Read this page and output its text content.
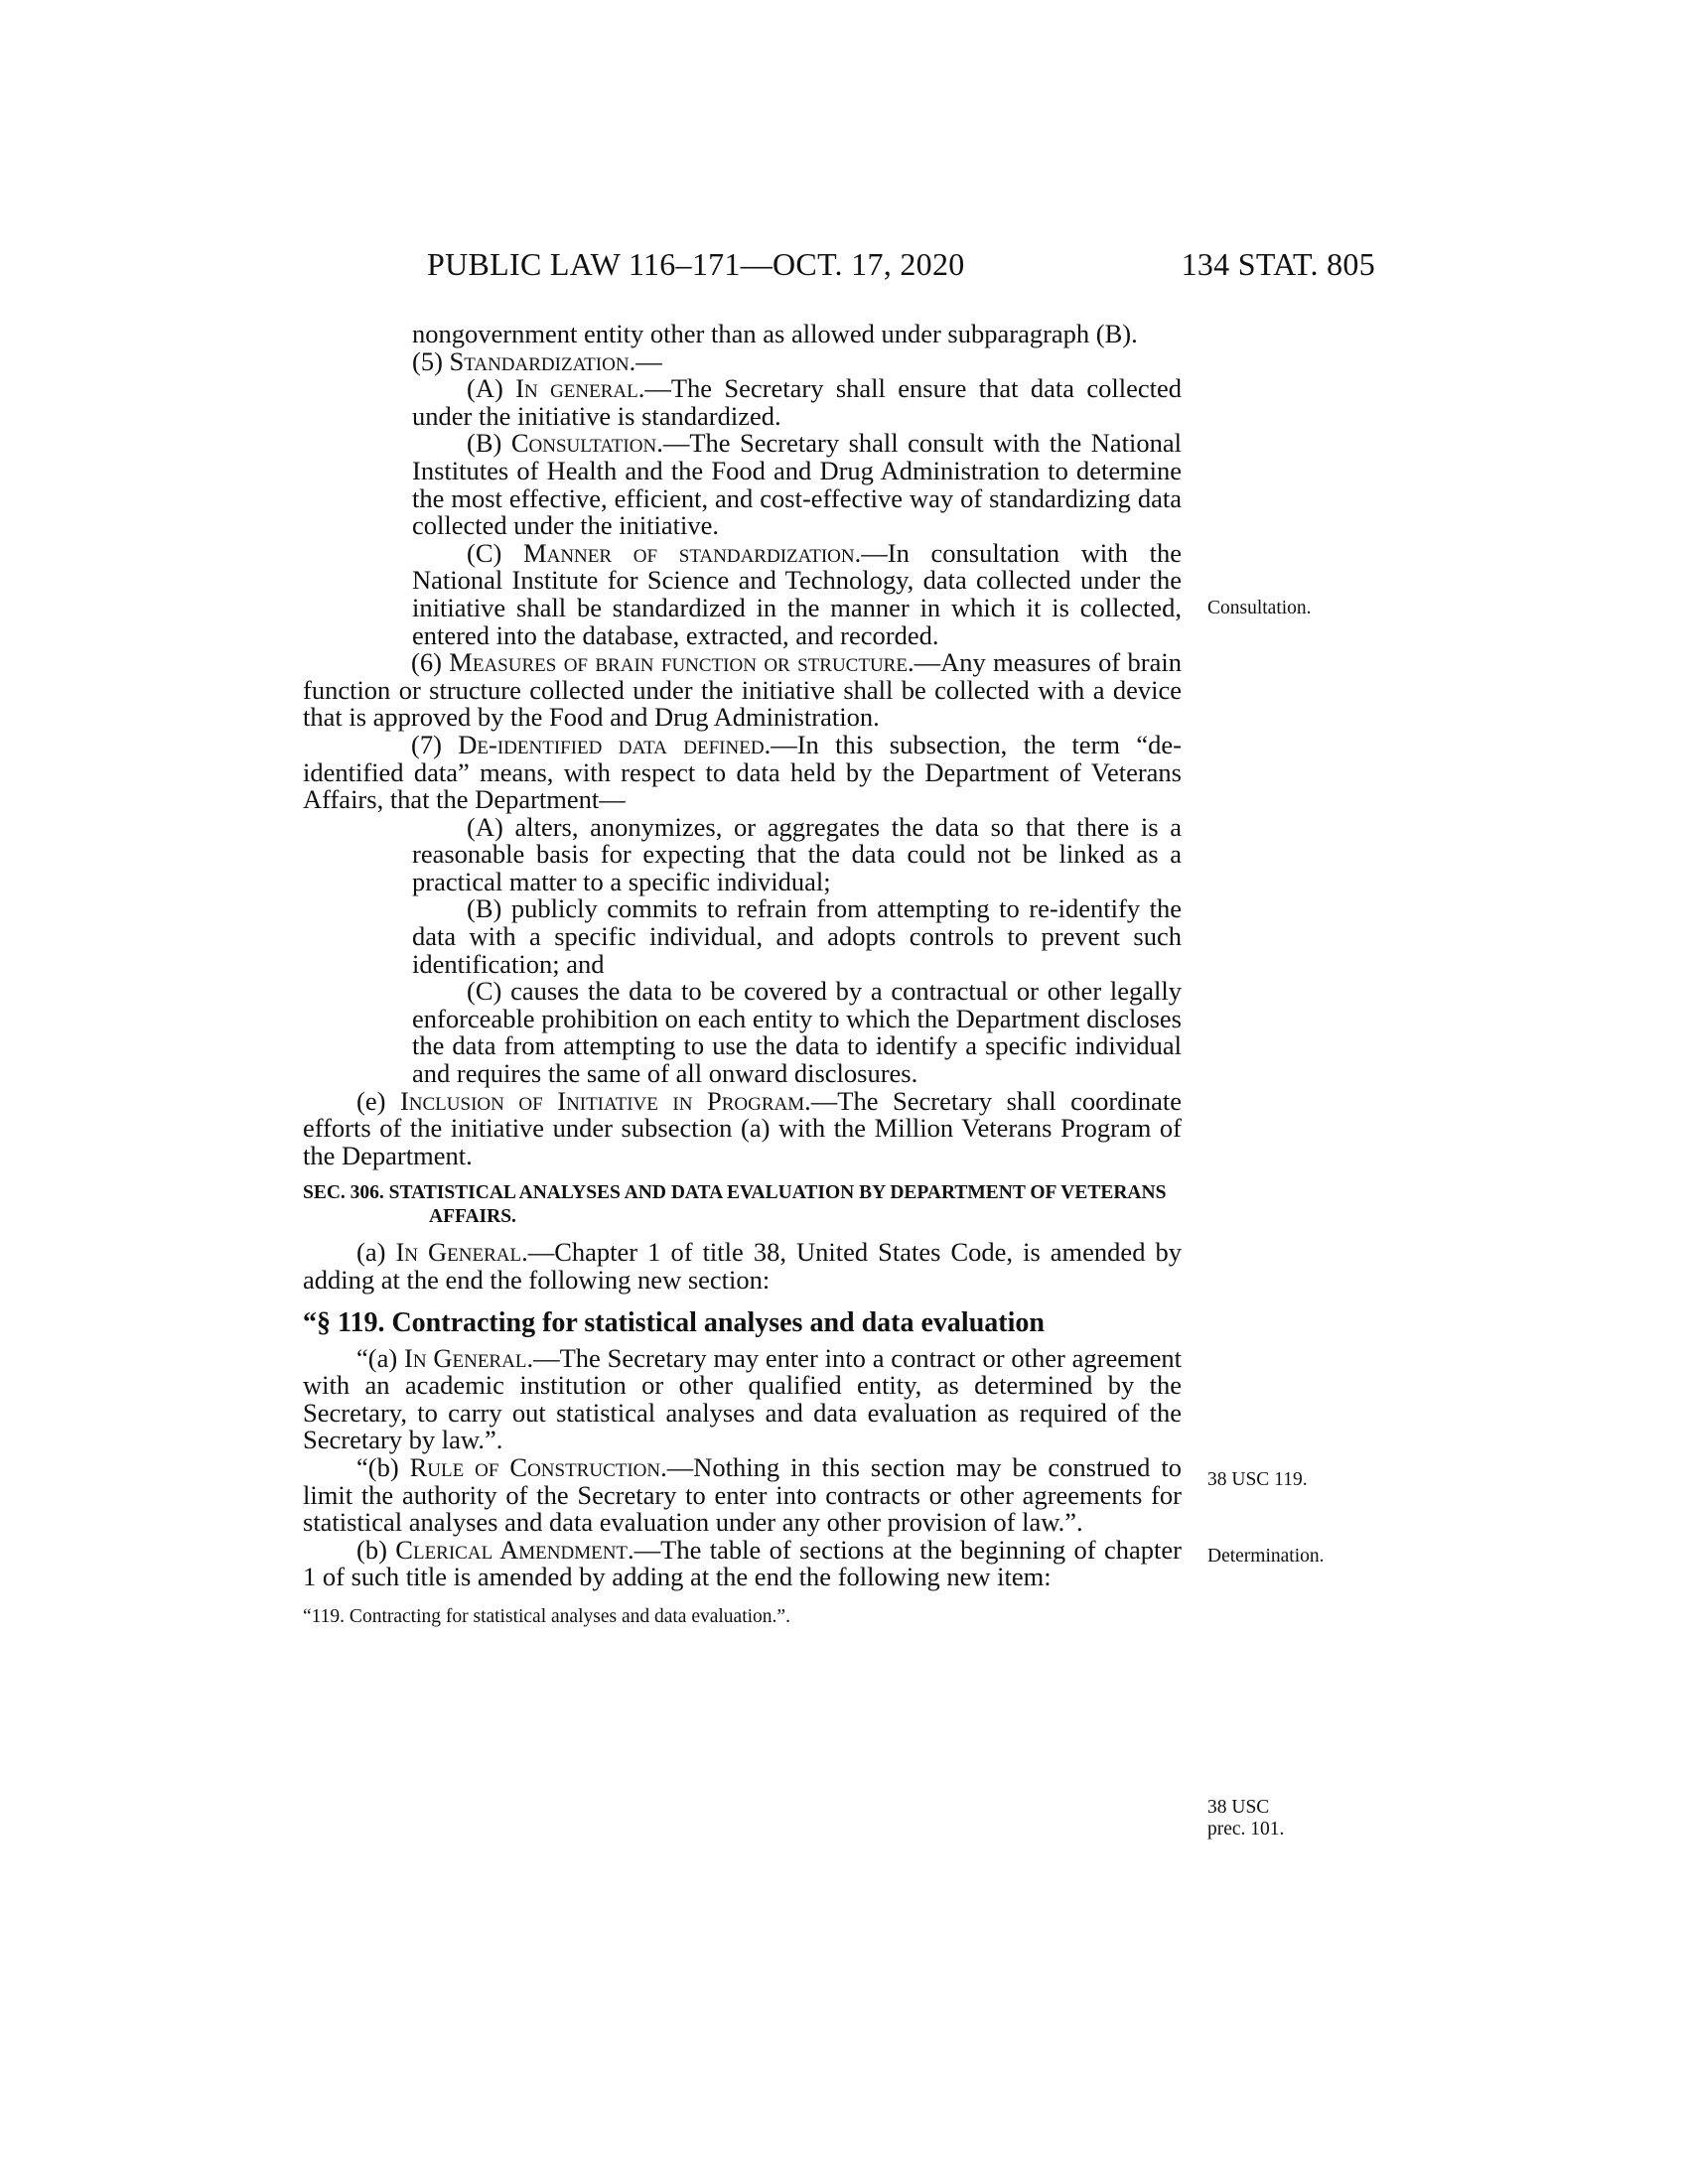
PUBLIC LAW 116–171—OCT. 17, 2020	134 STAT. 805

nongovernment entity other than as allowed under subparagraph (B).

(5) Standardization.—

(A) In general.—The Secretary shall ensure that data collected under the initiative is standardized.

(B) Consultation.—The Secretary shall consult with the National Institutes of Health and the Food and Drug Administration to determine the most effective, efficient, and cost-effective way of standardizing data collected under the initiative.

(C) Manner of standardization.—In consultation with the National Institute for Science and Technology, data collected under the initiative shall be standardized in the manner in which it is collected, entered into the database, extracted, and recorded.

(6) Measures of brain function or structure.—Any measures of brain function or structure collected under the initiative shall be collected with a device that is approved by the Food and Drug Administration.

(7) De-identified data defined.—In this subsection, the term “de-identified data” means, with respect to data held by the Department of Veterans Affairs, that the Department—

(A) alters, anonymizes, or aggregates the data so that there is a reasonable basis for expecting that the data could not be linked as a practical matter to a specific individual;

(B) publicly commits to refrain from attempting to re-identify the data with a specific individual, and adopts controls to prevent such identification; and

(C) causes the data to be covered by a contractual or other legally enforceable prohibition on each entity to which the Department discloses the data from attempting to use the data to identify a specific individual and requires the same of all onward disclosures.

(e) Inclusion of Initiative in Program.—The Secretary shall coordinate efforts of the initiative under subsection (a) with the Million Veterans Program of the Department.

SEC. 306. STATISTICAL ANALYSES AND DATA EVALUATION BY DEPARTMENT OF VETERANS AFFAIRS.

(a) In General.—Chapter 1 of title 38, United States Code, is amended by adding at the end the following new section:

“§ 119. Contracting for statistical analyses and data evaluation

“(a) In General.—The Secretary may enter into a contract or other agreement with an academic institution or other qualified entity, as determined by the Secretary, to carry out statistical analyses and data evaluation as required of the Secretary by law.”.

“(b) Rule of Construction.—Nothing in this section may be construed to limit the authority of the Secretary to enter into contracts or other agreements for statistical analyses and data evaluation under any other provision of law.”.

(b) Clerical Amendment.—The table of sections at the beginning of chapter 1 of such title is amended by adding at the end the following new item:

“119. Contracting for statistical analyses and data evaluation.”.

Consultation.
38 USC 119.
Determination.
38 USC
prec. 101.
